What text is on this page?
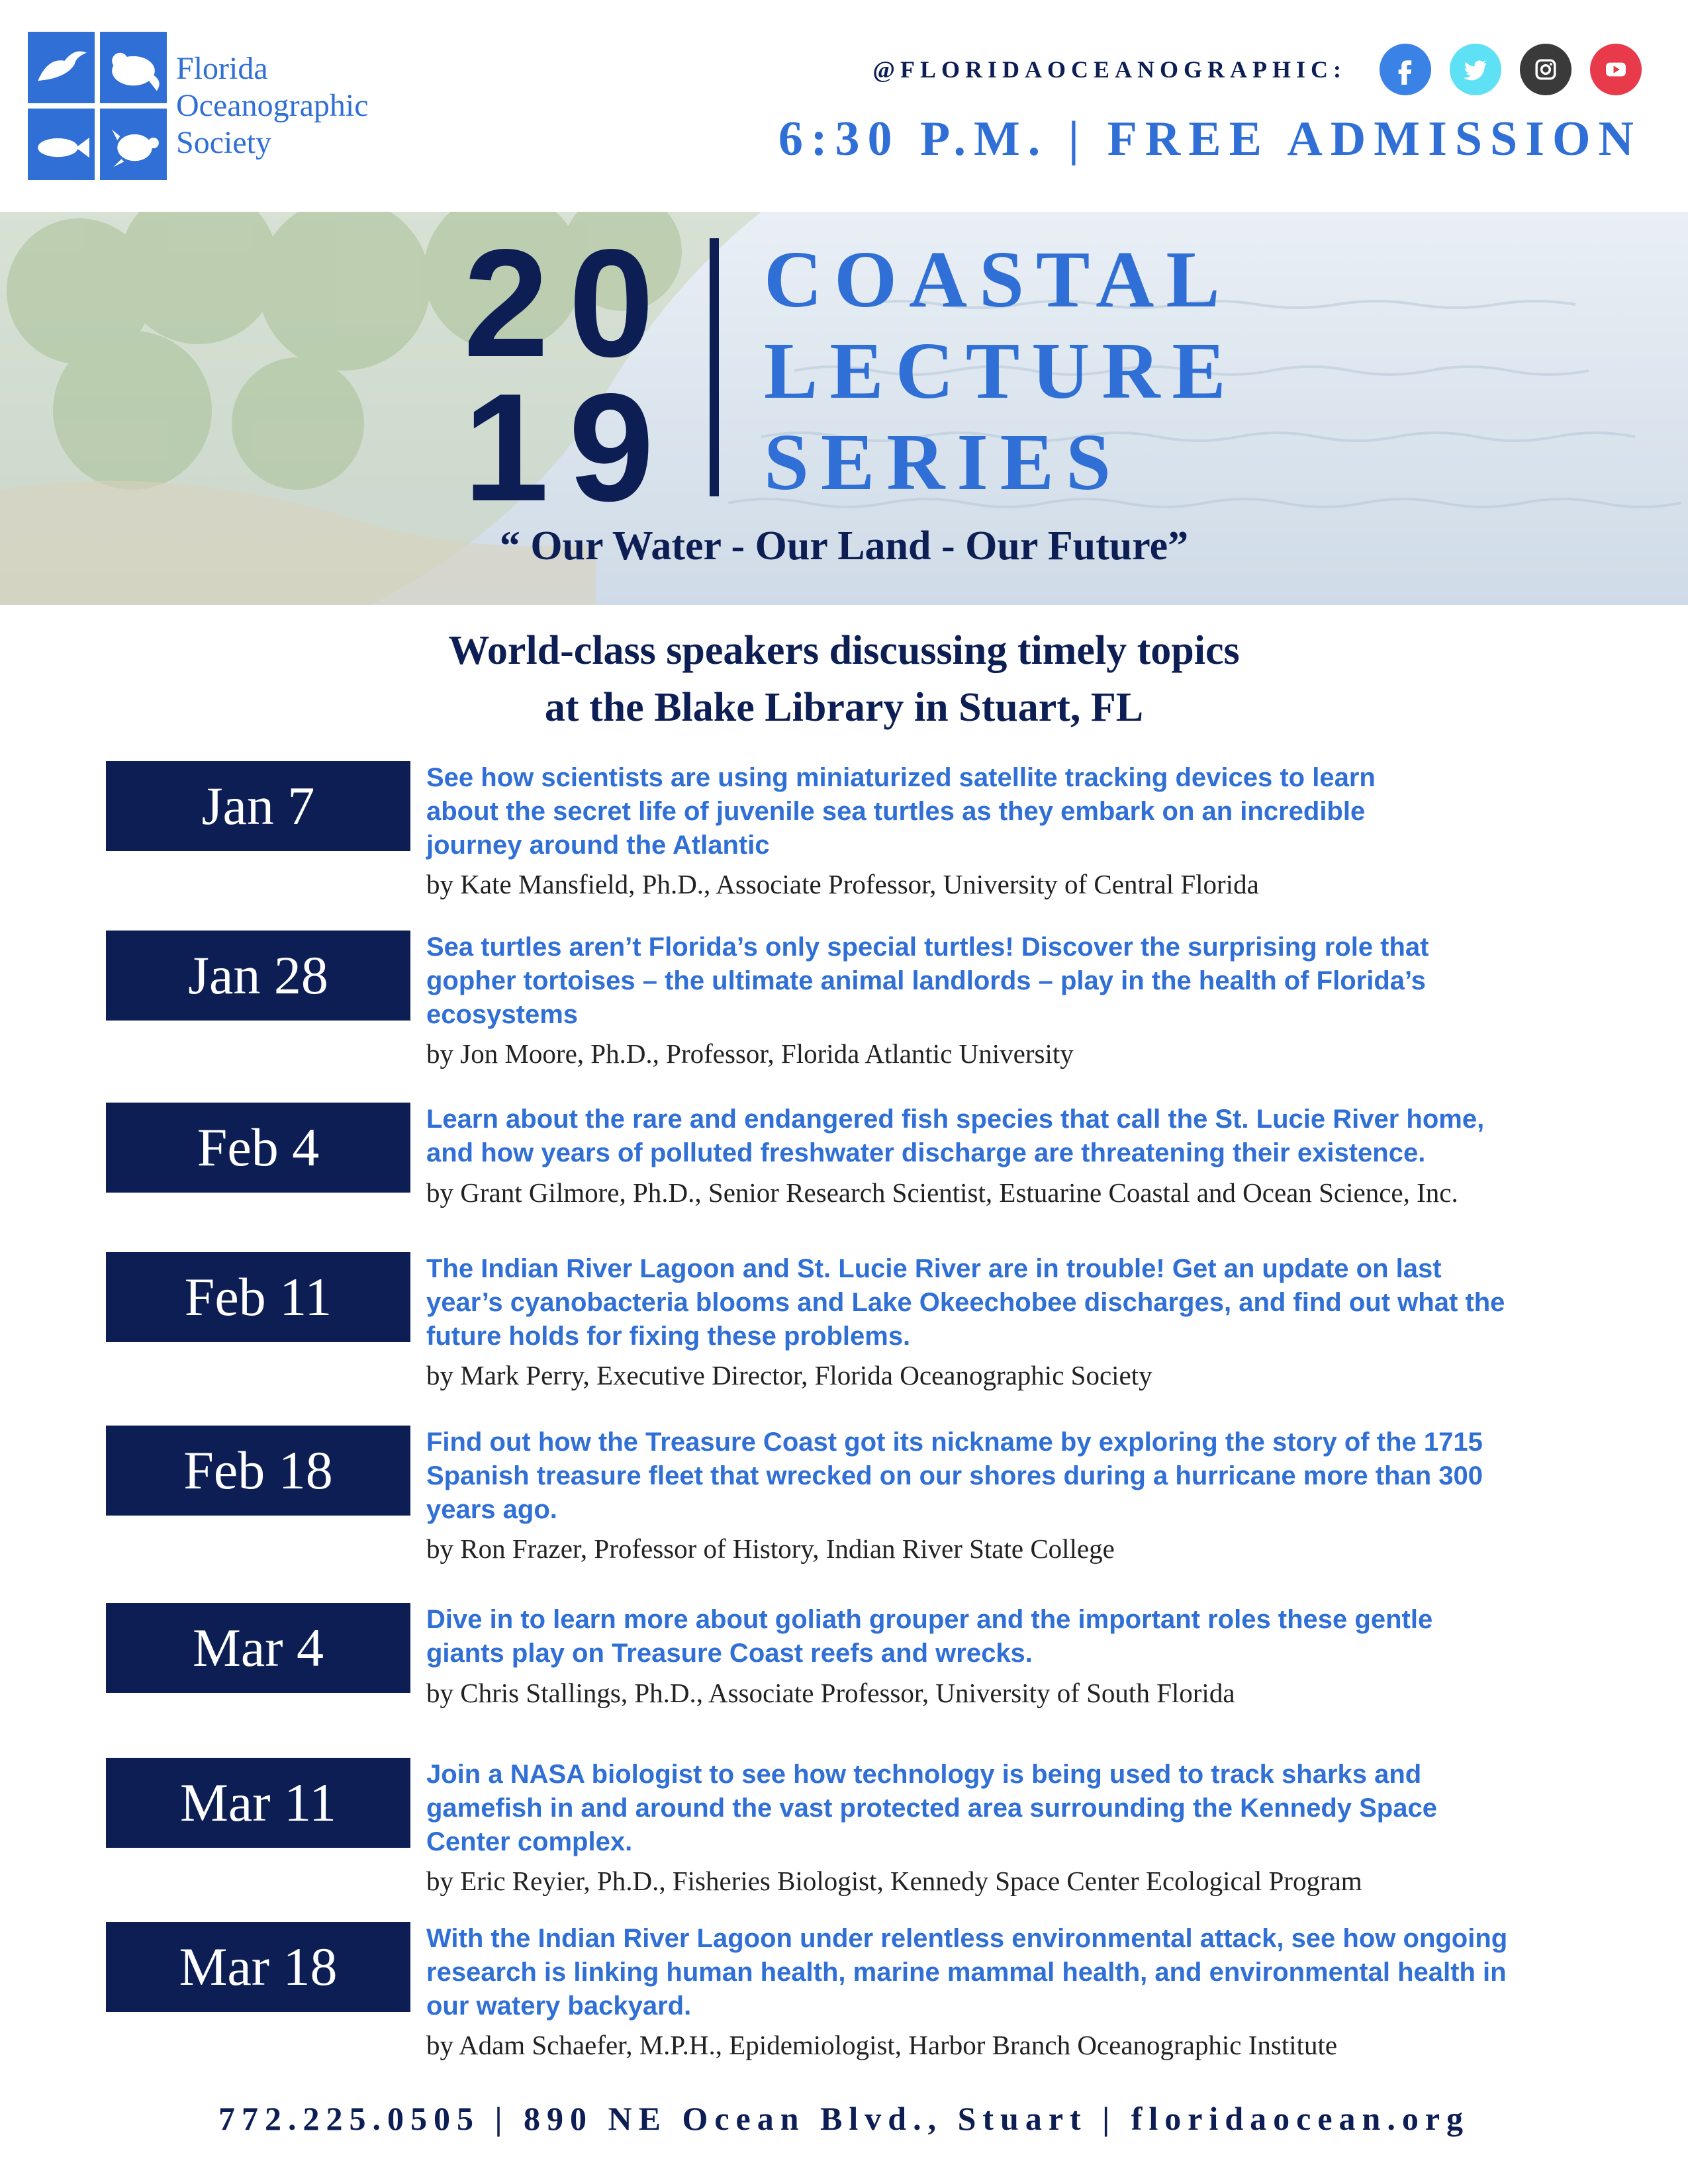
Florida
Oceanographic
Society
@FLORIDAOCEANOGRAPHIC:
6:30 P.M. | FREE ADMISSION
20
19
COASTAL
LECTURE
SERIES
“ Our Water - Our Land - Our Future”
World-class speakers discussing timely topics
at the Blake Library in Stuart, FL
Jan 7	See how scientists are using miniaturized satellite tracking devices to learn
about the secret life of juvenile sea turtles as they embark on an incredible
journey around the Atlantic
by Kate Mansfield, Ph.D., Associate Professor, University of Central Florida
Jan 28	Sea turtles aren’t Florida’s only special turtles! Discover the surprising role that
gopher tortoises – the ultimate animal landlords – play in the health of Florida’s
ecosystems
by Jon Moore, Ph.D., Professor, Florida Atlantic University
Feb 4	Learn about the rare and endangered fish species that call the St. Lucie River home,
and how years of polluted freshwater discharge are threatening their existence.
by Grant Gilmore, Ph.D., Senior Research Scientist, Estuarine Coastal and Ocean Science, Inc.
Feb 11	The Indian River Lagoon and St. Lucie River are in trouble! Get an update on last
year’s cyanobacteria blooms and Lake Okeechobee discharges, and find out what the
future holds for fixing these problems.
by Mark Perry, Executive Director, Florida Oceanographic Society
Feb 18	Find out how the Treasure Coast got its nickname by exploring the story of the 1715
Spanish treasure fleet that wrecked on our shores during a hurricane more than 300
years ago.
by Ron Frazer, Professor of History, Indian River State College
Mar 4	Dive in to learn more about goliath grouper and the important roles these gentle
giants play on Treasure Coast reefs and wrecks.
by Chris Stallings, Ph.D., Associate Professor, University of South Florida
Mar 11	Join a NASA biologist to see how technology is being used to track sharks and
gamefish in and around the vast protected area surrounding the Kennedy Space
Center complex.
by Eric Reyier, Ph.D., Fisheries Biologist, Kennedy Space Center Ecological Program
Mar 18	With the Indian River Lagoon under relentless environmental attack, see how ongoing
research is linking human health, marine mammal health, and environmental health in
our watery backyard.
by Adam Schaefer, M.P.H., Epidemiologist, Harbor Branch Oceanographic Institute
772.225.0505 | 890 NE Ocean Blvd., Stuart | floridaocean.org
